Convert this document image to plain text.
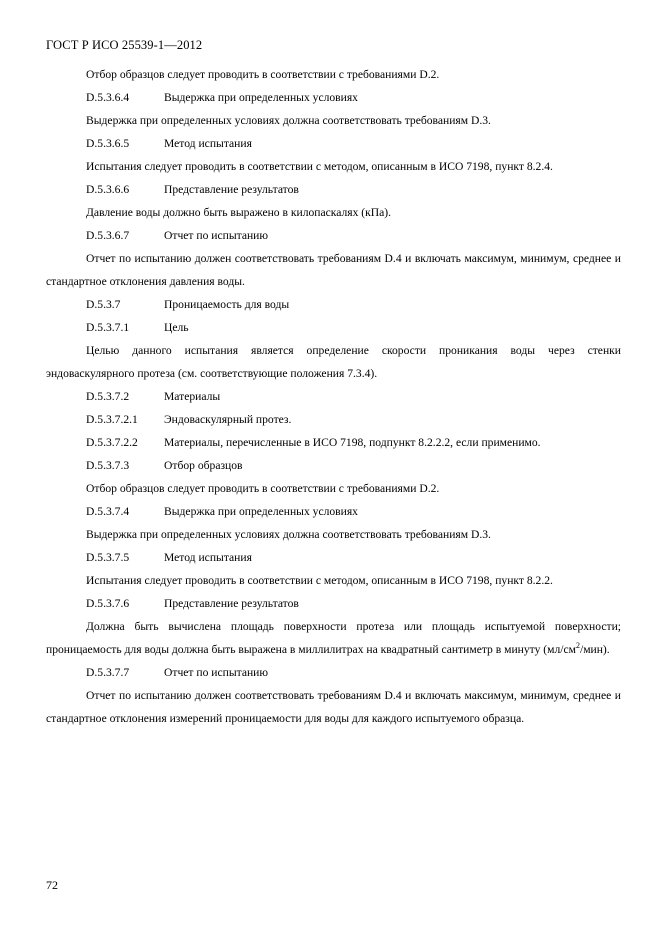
ГОСТ Р ИСО 25539-1—2012

Отбор образцов следует проводить в соответствии с требованиями D.2.

D.5.3.6.4	Выдержка при определенных условиях

Выдержка при определенных условиях должна соответствовать требованиям D.3.

D.5.3.6.5	Метод испытания

Испытания следует проводить в соответствии с методом, описанным в ИСО 7198, пункт 8.2.4.

D.5.3.6.6	Представление результатов

Давление воды должно быть выражено в килопаскалях (кПа).

D.5.3.6.7	Отчет по испытанию

Отчет по испытанию должен соответствовать требованиям D.4 и включать максимум, минимум, среднее и стандартное отклонения давления воды.

D.5.3.7	Проницаемость для воды
D.5.3.7.1	Цель

Целью данного испытания является определение скорости проникания воды через стенки эндоваскулярного протеза (см. соответствующие положения 7.3.4).

D.5.3.7.2	Материалы
D.5.3.7.2.1 Эндоваскулярный протез.
D.5.3.7.2.2 Материалы, перечисленные в ИСО 7198, подпункт 8.2.2.2, если применимо.
D.5.3.7.3	Отбор образцов

Отбор образцов следует проводить в соответствии с требованиями D.2.

D.5.3.7.4	Выдержка при определенных условиях

Выдержка при определенных условиях должна соответствовать требованиям D.3.

D.5.3.7.5	Метод испытания

Испытания следует проводить в соответствии с методом, описанным в ИСО 7198, пункт 8.2.2.

D.5.3.7.6	Представление результатов

Должна быть вычислена площадь поверхности протеза или площадь испытуемой поверхности; проницаемость для воды должна быть выражена в миллилитрах на квадратный сантиметр в минуту $(мл/см^2/мин)$.

D.5.3.7.7	Отчет по испытанию

Отчет по испытанию должен соответствовать требованиям D.4 и включать максимум, минимум, среднее и стандартное отклонения измерений проницаемости для воды для каждого испытуемого образца.

72
